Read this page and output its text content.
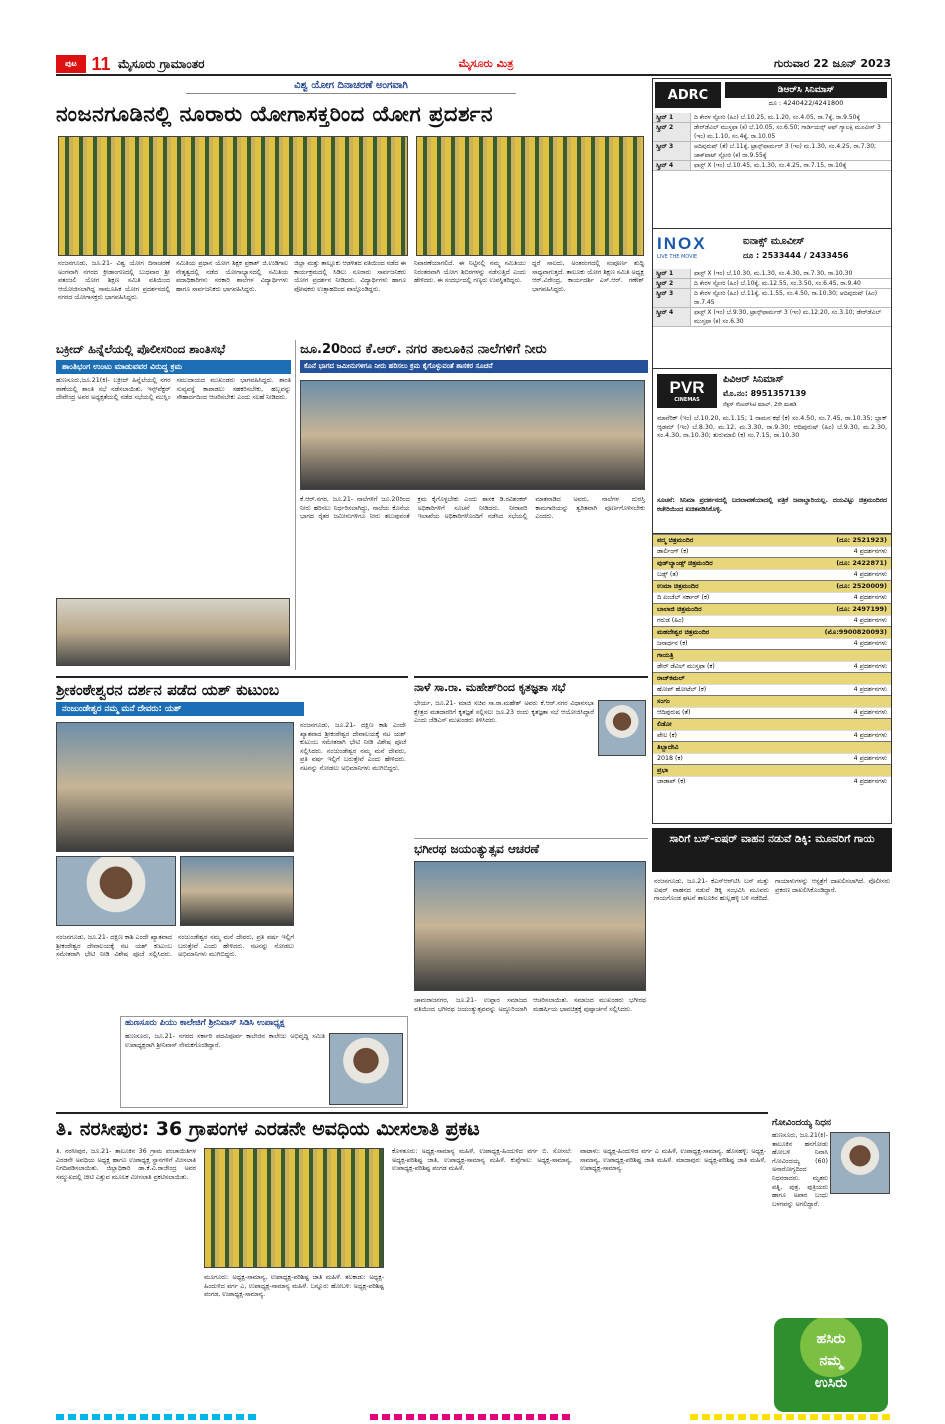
ಪುಟ 11 ಮೈಸೂರು ಗ್ರಾಮಾಂತರ	ಮೈಸೂರು ಮಿತ್ರ	ಗುರುವಾರ 22 ಜೂನ್ 2023
ವಿಶ್ವ ಯೋಗ ದಿನಾಚರಣೆ ಅಂಗವಾಗಿ
ನಂಜನಗೂಡಿನಲ್ಲಿ ನೂರಾರು ಯೋಗಾಸಕ್ತರಿಂದ ಯೋಗ ಪ್ರದರ್ಶನ
ನಂಜನಗೂಡು, ಜೂ.21- ವಿಶ್ವ ಯೋಗ ದಿನಾಚರಣೆ ಅಂಗವಾಗಿ ನಗರದ ಕ್ರೀಡಾಂಗಣದಲ್ಲಿ ಬುಧವಾರ ಶ್ರೀ ಪತಂಜಲಿ ಯೋಗ ಶಿಕ್ಷಣ ಸಮಿತಿ ವತಿಯಿಂದ ಆಯೋಜಿಸಲಾಗಿದ್ದ ಸಾಮೂಹಿಕ ಯೋಗ ಪ್ರದರ್ಶನದಲ್ಲಿ ನಗರದ ಯೋಗಾಸಕ್ತರು ಭಾಗವಹಿಸಿದ್ದರು.
ಸಮಿತಿಯ ಪ್ರಧಾನ ಯೋಗ ಶಿಕ್ಷಕ ಪ್ರಕಾಶ್ ಜಿ.ಉಡಿಗಾಲ ನೇತೃತ್ವದಲ್ಲಿ ನಡೆದ ಯೋಗಾಭ್ಯಾಸದಲ್ಲಿ ಸಮಿತಿಯ ಪದಾಧಿಕಾರಿಗಳು ಸರಕಾರಿ ಶಾಲೆಗಳ ವಿದ್ಯಾರ್ಥಿಗಳು ಹಾಗೂ ಸಾರ್ವಜನಿಕರು ಭಾಗವಹಿಸಿದ್ದರು.
ಜಿಲ್ಲಾ ಮತ್ತು ತಾಲ್ಲೂಕು ಆಡಳಿತದ ವತಿಯಿಂದ ನಡೆದ ಈ ಕಾರ್ಯಕ್ರಮದಲ್ಲಿ ಸಿಡಿಲು ನೂರಾರು ಸಾರ್ವಜನಿಕರು ಯೋಗ ಪ್ರದರ್ಶನ ನೀಡಿದರು. ವಿದ್ಯಾರ್ಥಿಗಳು ಹಾಗೂ ಪೋಷಕರು ಉತ್ಸಾಹದಿಂದ ಪಾಲ್ಗೊಂಡಿದ್ದರು.
ನಿವಾರಣೆಯಾಗಲಿದೆ. ಈ ನಿಟ್ಟಿನಲ್ಲಿ ನಮ್ಮ ಸಮಿತಿಯು ನಿರಂತರವಾಗಿ ಯೋಗ ಶಿಬಿರಗಳನ್ನು ನಡೆಸುತ್ತಿದೆ ಎಂದು ಹೇಳಿದರು. ಈ ಸಂದರ್ಭದಲ್ಲಿ ಗಣ್ಯರು ಉಪಸ್ಥಿತರಿದ್ದರು.
ದ್ದರೆ ಸಾಲದು, ಅಂತರಂಗದಲ್ಲಿ ಸಂಪೂರ್ಣ ಶುದ್ಧಿ ಸಾಧ್ಯವಾಗುತ್ತದೆ. ತಾಲೂಕು ಯೋಗ ಶಿಕ್ಷಣ ಸಮಿತಿ ಅಧ್ಯಕ್ಷ ಆರ್.ವಿರೇಂದ್ರ, ಕಾರ್ಯದರ್ಶಿ ಎಸ್.ಆರ್. ಗಣೇಶ್ ಭಾಗವಹಿಸಿದ್ದರು.
ಬಕ್ರೀದ್ ಹಿನ್ನೆಲೆಯಲ್ಲಿ ಪೊಲೀಸರಿಂದ ಶಾಂತಿಸಭೆ
ಶಾಂತಿಭಂಗ ಉಂಟು ಮಾಡುವವರ ವಿರುದ್ಧ ಕ್ರಮ
ಹುಣಸೂರು,ಜೂ.21(ಕಿ)- ಬಕ್ರೀದ್ ಹಿನ್ನೆಲೆಯಲ್ಲಿ ನಗರ ಠಾಣೆಯಲ್ಲಿ ಶಾಂತಿ ಸಭೆ ನಡೆಸಲಾಯಿತು. ಇನ್ಸ್‌ಪೆಕ್ಟರ್ ದೇವೇಂದ್ರ ಅವರ ಅಧ್ಯಕ್ಷತೆಯಲ್ಲಿ ನಡೆದ ಸಭೆಯಲ್ಲಿ ಮುಸ್ಲಿಂ ಸಮುದಾಯದ ಮುಖಂಡರು ಭಾಗವಹಿಸಿದ್ದರು. ಶಾಂತಿ ಸುವ್ಯವಸ್ಥೆ ಕಾಪಾಡಲು ಸಹಕರಿಸಬೇಕು, ಹಬ್ಬವನ್ನು ಸೌಹಾರ್ದದಿಂದ ಆಚರಿಸಬೇಕು ಎಂದು ಸಲಹೆ ನೀಡಿದರು.
ಜೂ.20ರಿಂದ ಕೆ.ಆರ್. ನಗರ ತಾಲೂಕಿನ ನಾಲೆಗಳಿಗೆ ನೀರು
ಕೊನೆ ಭಾಗದ ಜಮೀನುಗಳಿಗೂ ನೀರು ಹರಿಸಲು ಕ್ರಮ ಕೈಗೊಳ್ಳುವಂತೆ ಶಾಸಕರ ಸೂಚನೆ
ಕೆ.ಆರ್.ನಗರ, ಜೂ.21- ನಾಲೆಗಳಿಗೆ ಜೂ.20ರಿಂದ ನೀರು ಹರಿಸಲು ನಿರ್ಧರಿಸಲಾಗಿದ್ದು, ನಾಲೆಯ ಕೊನೆಯ ಭಾಗದ ರೈತರ ಜಮೀನುಗಳಿಗೂ ನೀರು ತಲುಪುವಂತೆ ಕ್ರಮ ಕೈಗೊಳ್ಳಬೇಕು ಎಂದು ಶಾಸಕ ಡಿ.ರವಿಶಂಕರ್ ಅಧಿಕಾರಿಗಳಿಗೆ ಸೂಚನೆ ನೀಡಿದರು. ನೀರಾವರಿ ಇಲಾಖೆಯ ಅಧಿಕಾರಿಗಳೊಂದಿಗೆ ನಡೆಸಿದ ಸಭೆಯಲ್ಲಿ ಮಾತನಾಡಿದ ಅವರು, ನಾಲೆಗಳ ದುರಸ್ತಿ ಕಾಮಗಾರಿಯನ್ನು ತ್ವರಿತವಾಗಿ ಪೂರ್ಣಗೊಳಿಸಬೇಕು ಎಂದರು.
ADRC	ಡಿಆರ್‌ಸಿ ಸಿನಿಮಾಸ್
ದೂ : 4240422/4241800
ಸ್ಕ್ರೀನ್ 1	ದಿ ಕೇರಳ ಸ್ಟೋರಿ (ಹಿಂ) ಬೆ.10.25, ಮ.1.20, ಸಂ.4.05, ರಾ.7ಕ್ಕೆ, ರಾ.9.50ಕ್ಕೆ
ಸ್ಕ್ರೀನ್ 2	ಡೇರ್‌ಡೆವಿಲ್ ಮುಸ್ತಫಾ (ಕ) ಬೆ.10.05, ಸಂ.6.50; ಗಾರ್ಡಿಯನ್ಸ್ ಆಫ್ ಗ್ಯಾಲಕ್ಸಿ ಮೂವೀಸ್ 3 (ಇಂ) ಮ.1.10, ಸಂ.4ಕ್ಕೆ, ರಾ.10.05
ಸ್ಕ್ರೀನ್ 3	ಆದಿಪುರುಷ್ (ತೆ) ಬೆ.11ಕ್ಕೆ, ಟ್ರಾನ್ಸ್‌ಫಾರ್ಮರ್ 3 (ಇಂ) ಮ.1.30, ಸಂ.4.25, ರಾ.7.30; ಜಾಕ್‌ಪಾಟ್ ಸ್ಟೋರಿ (ಕ) ರಾ.9.55ಕ್ಕೆ
ಸ್ಕ್ರೀನ್ 4	ಫಾಸ್ಟ್ X (ಇಂ) ಬೆ.10.45, ಮ.1.30, ಸಂ.4.25, ರಾ.7.15, ರಾ.10ಕ್ಕೆ
INOX
LIVE THE MOVIE
ಐನಾಕ್ಸ್ ಮೂವೀಸ್
ದೂ : 2533444 / 2433456
ಸ್ಕ್ರೀನ್ 1	ಫಾಸ್ಟ್ X (ಇಂ) ಬೆ.10.30, ಮ.1.30, ಸಂ.4.30, ರಾ.7.30, ರಾ.10.30
ಸ್ಕ್ರೀನ್ 2	ದಿ ಕೇರಳ ಸ್ಟೋರಿ (ಹಿಂ) ಬೆ.10ಕ್ಕೆ, ಮ.12.55, ಸಂ.3.50, ಸಂ.6.45, ರಾ.9.40
ಸ್ಕ್ರೀನ್ 3	ದಿ ಕೇರಳ ಸ್ಟೋರಿ (ಹಿಂ) ಬೆ.11ಕ್ಕೆ, ಮ.1.55, ಸಂ.4.50, ರಾ.10.30; ಆದಿಪುರುಷ್ (ಹಿಂ) ರಾ.7.45
ಸ್ಕ್ರೀನ್ 4	ಫಾಸ್ಟ್ X (ಇಂ) ಬೆ.9.30, ಟ್ರಾನ್ಸ್‌ಫಾರ್ಮರ್ 3 (ಇಂ) ಮ.12.20, ಸಂ.3.10; ಡೇರ್‌ಡೆವಿಲ್ ಮುಸ್ತಫಾ (ಕ) ಸಂ.6.30
PVR
CINEMAS
ಪಿವಿಆರ್ ಸಿನಿಮಾಸ್
ಮೊ.ನಂ: 8951357139
ನೆಕ್ಸಸ್ ಸೆಂಟರ್‌ಸಿಟಿ ಮಾಲ್, 2ನೇ ಮಹಡಿ
ಮಾವೆರಿಕ್ (ಇಂ) ಬೆ.10.20, ಮ.1.15; 1 ರಾಮನ ಕಥೆ (ಕ) ಸಂ.4.50, ಸಂ.7.45, ರಾ.10.35; ಬ್ಲಾಕ್ ಆ್ಯಡಮ್ (ಇಂ) ಬೆ.8.30, ಮ.12, ಮ.3.30, ರಾ.9.30; ಆದಿಪುರುಷ್ (ಹಿಂ) ಬೆ.9.30, ಮ.2.30, ಸಂ.4.30, ರಾ.10.30; ತುರುಮಾಲಿ (ಕ) ಸಂ.7.15, ರಾ.10.30
ಸೂಚನೆ: ಸಿನಿಮಾ ಪ್ರದರ್ಶನದಲ್ಲಿ ಬದಲಾವಣೆಯಾದಲ್ಲಿ ಪತ್ರಿಕೆ ಜವಾಬ್ದಾರಿಯಲ್ಲ. ದಯವಿಟ್ಟು ಚಿತ್ರಮಂದಿರದ ಕಚೇರಿಯಿಂದ ಖಚಿತಪಡಿಸಿಕೊಳ್ಳಿ.
ಪದ್ಮ ಚಿತ್ರಮಂದಿರ	(ದೂ: 2521923)
ಡಾರ್ಲಿಂಗ್ (ಕ)	4 ಪ್ರದರ್ಶನಗಳು
ವುಡ್‌ಲ್ಯಾಂಡ್ಸ್ ಚಿತ್ರಮಂದಿರ	(ದೂ: 2422871)
ಬಡ್ಸ್ (ತ)	4 ಪ್ರದರ್ಶನಗಳು
ಉಮಾ ಚಿತ್ರಮಂದಿರ	(ದೂ: 2520009)
ದಿ ಏಂಜೆಲ್ ಸರ್ಕಾರ್ (ಕ)	4 ಪ್ರದರ್ಶನಗಳು
ಬಾಲಾಜಿ ಚಿತ್ರಮಂದಿರ	(ದೂ: 2497199)
ಗರುಡ (ಹಿಂ)	4 ಪ್ರದರ್ಶನಗಳು
ಮಹದೇಶ್ವರ ಚಿತ್ರಮಂದಿರ	(ಮೊ:9900820093)
ಜನಾರ್ಧನ (ಕ)	4 ಪ್ರದರ್ಶನಗಳು
ಗಾಯತ್ರಿ
ಡೇರ್ ಡೆವಿಲ್ ಮುಸ್ತಫಾ (ಕ)	4 ಪ್ರದರ್ಶನಗಳು
ರಾಜ್‌ಕಮಲ್
ಹೋಪ್ ಹೋಟೆಲ್ (ಕ)	4 ಪ್ರದರ್ಶನಗಳು
ಸಂಗಂ
ಆದಿಪುರುಷ (ತೆ)	4 ಪ್ರದರ್ಶನಗಳು
ಲಿಡೋ
ಪೇಲ (ಕ)	4 ಪ್ರದರ್ಶನಗಳು
ತಿಬ್ಬಾದೇವಿ
2018 (ಕ)	4 ಪ್ರದರ್ಶನಗಳು
ಪ್ರಭಾ
ಜಾಡಾಪ್ (ಕ)	4 ಪ್ರದರ್ಶನಗಳು
ಶ್ರೀಕಂಠೇಶ್ವರನ ದರ್ಶನ ಪಡೆದ ಯಶ್ ಕುಟುಂಬ
ನಂಜುಂಡೇಶ್ವರ ನಮ್ಮ ಮನೆ ದೇವರು: ಯಶ್
ನಂಜನಗೂಡು, ಜೂ.21- ದಕ್ಷಿಣ ಕಾಶಿ ಎಂದೇ ಖ್ಯಾತವಾದ ಶ್ರೀಕಂಠೇಶ್ವರ ದೇವಾಲಯಕ್ಕೆ ನಟ ಯಶ್ ಕುಟುಂಬ ಸಮೇತರಾಗಿ ಭೇಟಿ ನೀಡಿ ವಿಶೇಷ ಪೂಜೆ ಸಲ್ಲಿಸಿದರು. ನಂಜುಂಡೇಶ್ವರ ನಮ್ಮ ಮನೆ ದೇವರು, ಪ್ರತಿ ವರ್ಷ ಇಲ್ಲಿಗೆ ಬರುತ್ತೇವೆ ಎಂದು ಹೇಳಿದರು. ನಟನನ್ನು ನೋಡಲು ಅಭಿಮಾನಿಗಳು ಮುಗಿಬಿದ್ದರು.
ನಂಜನಗೂಡು, ಜೂ.21- ದಕ್ಷಿಣ ಕಾಶಿ ಎಂದೇ ಖ್ಯಾತವಾದ ಶ್ರೀಕಂಠೇಶ್ವರ ದೇವಾಲಯಕ್ಕೆ ನಟ ಯಶ್ ಕುಟುಂಬ ಸಮೇತರಾಗಿ ಭೇಟಿ ನೀಡಿ ವಿಶೇಷ ಪೂಜೆ ಸಲ್ಲಿಸಿದರು. ನಂಜುಂಡೇಶ್ವರ ನಮ್ಮ ಮನೆ ದೇವರು, ಪ್ರತಿ ವರ್ಷ ಇಲ್ಲಿಗೆ ಬರುತ್ತೇವೆ ಎಂದು ಹೇಳಿದರು. ನಟನನ್ನು ನೋಡಲು ಅಭಿಮಾನಿಗಳು ಮುಗಿಬಿದ್ದರು.
ಹುಣಸೂರು ಪಿಯು ಕಾಲೇಜಿಗೆ ಶ್ರೀನಿವಾಸ್ ಸಿಡಿಸಿ ಉಪಾಧ್ಯಕ್ಷ
ಹುಣಸೂರು, ಜೂ.21- ನಗರದ ಸರ್ಕಾರಿ ಪದವಿಪೂರ್ವ ಕಾಲೇಜಿನ ಕಾಲೇಜು ಅಭಿವೃದ್ಧಿ ಸಮಿತಿ ಉಪಾಧ್ಯಕ್ಷರಾಗಿ ಶ್ರೀನಿವಾಸ್ ನೇಮಕಗೊಂಡಿದ್ದಾರೆ.
ನಾಳೆ ಸಾ.ರಾ. ಮಹೇಶ್‌ರಿಂದ ಕೃತಜ್ಞತಾ ಸಭೆ
ಭೇರ್ಯ, ಜೂ.21- ಮಾಜಿ ಸಚಿವ ಸಾ.ರಾ.ಮಹೇಶ್ ಅವರು ಕೆ.ಆರ್.ನಗರ ವಿಧಾನಸಭಾ ಕ್ಷೇತ್ರದ ಮತದಾರರಿಗೆ ಕೃತಜ್ಞತೆ ಸಲ್ಲಿಸಲು ಜೂ.23 ರಂದು ಕೃತಜ್ಞತಾ ಸಭೆ ಆಯೋಜಿಸಿದ್ದಾರೆ ಎಂದು ಜೆಡಿಎಸ್ ಮುಖಂಡರು ತಿಳಿಸಿದರು.
ಭಗೀರಥ ಜಯಂತ್ಯುತ್ಸವ ಆಚರಣೆ
ಚಾಮರಾಜನಗರ, ಜೂ.21- ಉಪ್ಪಾರ ಸಮಾಜದ ವತಿಯಿಂದ ಭಗೀರಥ ಜಯಂತ್ಯುತ್ಸವವನ್ನು ಅದ್ದೂರಿಯಾಗಿ ಆಚರಿಸಲಾಯಿತು. ಸಮಾಜದ ಮುಖಂಡರು ಭಗೀರಥ ಮಹರ್ಷಿಯ ಭಾವಚಿತ್ರಕ್ಕೆ ಪುಷ್ಪಾರ್ಚನೆ ಸಲ್ಲಿಸಿದರು.
ಸಾರಿಗೆ ಬಸ್-ಐಷರ್ ವಾಹನ ನಡುವೆ ಡಿಕ್ಕಿ: ಮೂವರಿಗೆ ಗಾಯ
ನಂಜನಗೂಡು, ಜೂ.21- ಕೆಎಸ್‌ಆರ್‌ಟಿಸಿ ಬಸ್ ಮತ್ತು ಐಷರ್ ವಾಹನದ ನಡುವೆ ಡಿಕ್ಕಿ ಸಂಭವಿಸಿ ಮೂವರು ಗಾಯಗೊಂಡ ಘಟನೆ ತಾಲೂಕಿನ ಹುಲ್ಲಹಳ್ಳಿ ಬಳಿ ನಡೆದಿದೆ. ಗಾಯಾಳುಗಳನ್ನು ಆಸ್ಪತ್ರೆಗೆ ದಾಖಲಿಸಲಾಗಿದೆ. ಪೊಲೀಸರು ಪ್ರಕರಣ ದಾಖಲಿಸಿಕೊಂಡಿದ್ದಾರೆ.
ತಿ. ನರಸೀಪುರ: 36 ಗ್ರಾಪಂಗಳ ಎರಡನೇ ಅವಧಿಯ ಮೀಸಲಾತಿ ಪ್ರಕಟ
ತಿ. ನರಸೀಪುರ, ಜೂ.21- ತಾಲೂಕಿನ 36 ಗ್ರಾಮ ಪಂಚಾಯಿತಿಗಳ ಎರಡನೇ ಅವಧಿಯ ಅಧ್ಯಕ್ಷ ಹಾಗೂ ಉಪಾಧ್ಯಕ್ಷ ಸ್ಥಾನಗಳಿಗೆ ಮೀಸಲಾತಿ ನಿಗದಿಪಡಿಸಲಾಯಿತು. ಜಿಲ್ಲಾಧಿಕಾರಿ ಡಾ.ಕೆ.ವಿ.ರಾಜೇಂದ್ರ ಅವರ ಸಮ್ಮುಖದಲ್ಲಿ ಚೀಟಿ ಎತ್ತುವ ಮೂಲಕ ಮೀಸಲಾತಿ ಪ್ರಕಟಿಸಲಾಯಿತು.
ಮೂಗೂರು: ಅಧ್ಯಕ್ಷ-ಸಾಮಾನ್ಯ, ಉಪಾಧ್ಯಕ್ಷ-ಪರಿಶಿಷ್ಟ ಜಾತಿ ಮಹಿಳೆ. ತಲಕಾಡು: ಅಧ್ಯಕ್ಷ-ಹಿಂದುಳಿದ ವರ್ಗ ಎ, ಉಪಾಧ್ಯಕ್ಷ-ಸಾಮಾನ್ಯ ಮಹಿಳೆ. ಬನ್ನೂರು ಹೋಬಳಿ: ಅಧ್ಯಕ್ಷ-ಪರಿಶಿಷ್ಟ ಪಂಗಡ, ಉಪಾಧ್ಯಕ್ಷ-ಸಾಮಾನ್ಯ.
ಕೊಳತೂರು: ಅಧ್ಯಕ್ಷ-ಸಾಮಾನ್ಯ ಮಹಿಳೆ, ಉಪಾಧ್ಯಕ್ಷ-ಹಿಂದುಳಿದ ವರ್ಗ ಬಿ. ಸೋಸಲೆ: ಅಧ್ಯಕ್ಷ-ಪರಿಶಿಷ್ಟ ಜಾತಿ, ಉಪಾಧ್ಯಕ್ಷ-ಸಾಮಾನ್ಯ ಮಹಿಳೆ. ಕುಪ್ಪೆಗಾಲ: ಅಧ್ಯಕ್ಷ-ಸಾಮಾನ್ಯ, ಉಪಾಧ್ಯಕ್ಷ-ಪರಿಶಿಷ್ಟ ಪಂಗಡ ಮಹಿಳೆ.
ವಾಟಾಳು: ಅಧ್ಯಕ್ಷ-ಹಿಂದುಳಿದ ವರ್ಗ ಎ ಮಹಿಳೆ, ಉಪಾಧ್ಯಕ್ಷ-ಸಾಮಾನ್ಯ. ಹೊಸಹಳ್ಳಿ: ಅಧ್ಯಕ್ಷ-ಸಾಮಾನ್ಯ, ಉಪಾಧ್ಯಕ್ಷ-ಪರಿಶಿಷ್ಟ ಜಾತಿ ಮಹಿಳೆ. ಮಾದಾಪುರ: ಅಧ್ಯಕ್ಷ-ಪರಿಶಿಷ್ಟ ಜಾತಿ ಮಹಿಳೆ, ಉಪಾಧ್ಯಕ್ಷ-ಸಾಮಾನ್ಯ.
ಗೋವಿಂದಯ್ಯ ನಿಧನ
ಹುಣಸೂರು, ಜೂ.21(ಕಿ)- ತಾಲೂಕಿನ ಹನಗೋಡು ಹೋಬಳಿ ನಿವಾಸಿ ಗೋವಿಂದಯ್ಯ (60) ಅನಾರೋಗ್ಯದಿಂದ ನಿಧನರಾದರು. ಮೃತರು ಪತ್ನಿ, ಪುತ್ರ, ಪುತ್ರಿಯರು ಹಾಗೂ ಅಪಾರ ಬಂಧು ಬಳಗವನ್ನು ಅಗಲಿದ್ದಾರೆ.
ಹಸಿರು
ನಮ್ಮ
ಉಸಿರು
